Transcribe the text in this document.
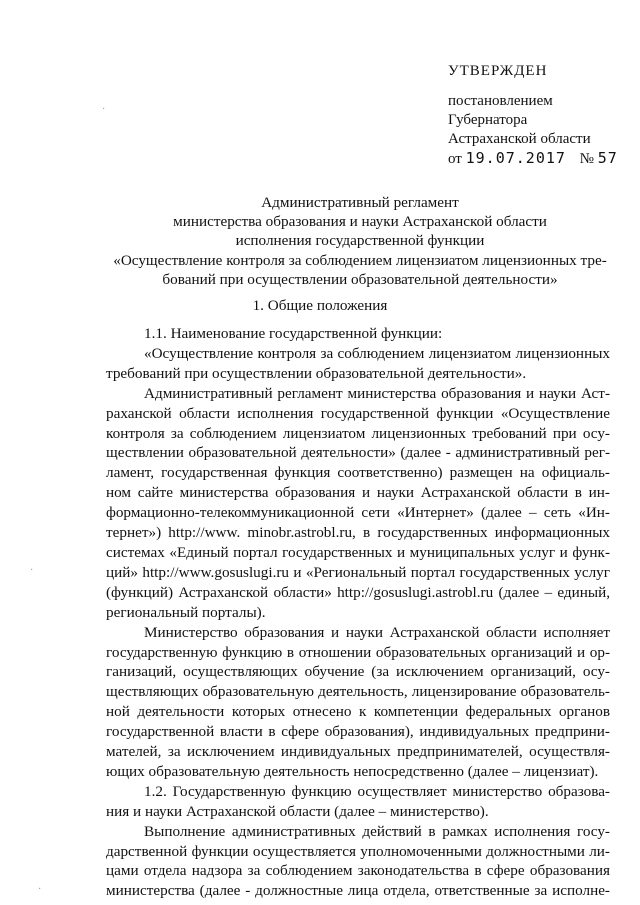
УТВЕРЖДЕН
постановлением
Губернатора
Астраханской области
от 19.07.2017 № 57
Административный регламент
министерства образования и науки Астраханской области
исполнения государственной функции
«Осуществление контроля за соблюдением лицензиатом лицензионных тре-
бований при осуществлении образовательной деятельности»
1. Общие положения
1.1. Наименование государственной функции:
«Осуществление контроля за соблюдением лицензиатом лицензионных
требований при осуществлении образовательной деятельности».
Административный регламент министерства образования и науки Аст-
раханской области исполнения государственной функции «Осуществление
контроля за соблюдением лицензиатом лицензионных требований при осу-
ществлении образовательной деятельности» (далее - административный рег-
ламент, государственная функция соответственно) размещен на официаль-
ном сайте министерства образования и науки Астраханской области в ин-
формационно-телекоммуникационной сети «Интернет» (далее – сеть «Ин-
тернет») http://www. minobr.astrobl.ru, в государственных информационных
системах «Единый портал государственных и муниципальных услуг и функ-
ций» http://www.gosuslugi.ru и «Региональный портал государственных услуг
(функций) Астраханской области» http://gosuslugi.astrobl.ru (далее – единый,
региональный порталы).
Министерство образования и науки Астраханской области исполняет
государственную функцию в отношении образовательных организаций и ор-
ганизаций, осуществляющих обучение (за исключением организаций, осу-
ществляющих образовательную деятельность, лицензирование образователь-
ной деятельности которых отнесено к компетенции федеральных органов
государственной власти в сфере образования), индивидуальных предприни-
мателей, за исключением индивидуальных предпринимателей, осуществля-
ющих образовательную деятельность непосредственно (далее – лицензиат).
1.2. Государственную функцию осуществляет министерство образова-
ния и науки Астраханской области (далее – министерство).
Выполнение административных действий в рамках исполнения госу-
дарственной функции осуществляется уполномоченными должностными ли-
цами отдела надзора за соблюдением законодательства в сфере образования
министерства (далее - должностные лица отдела, ответственные за исполне-
·
·
·
